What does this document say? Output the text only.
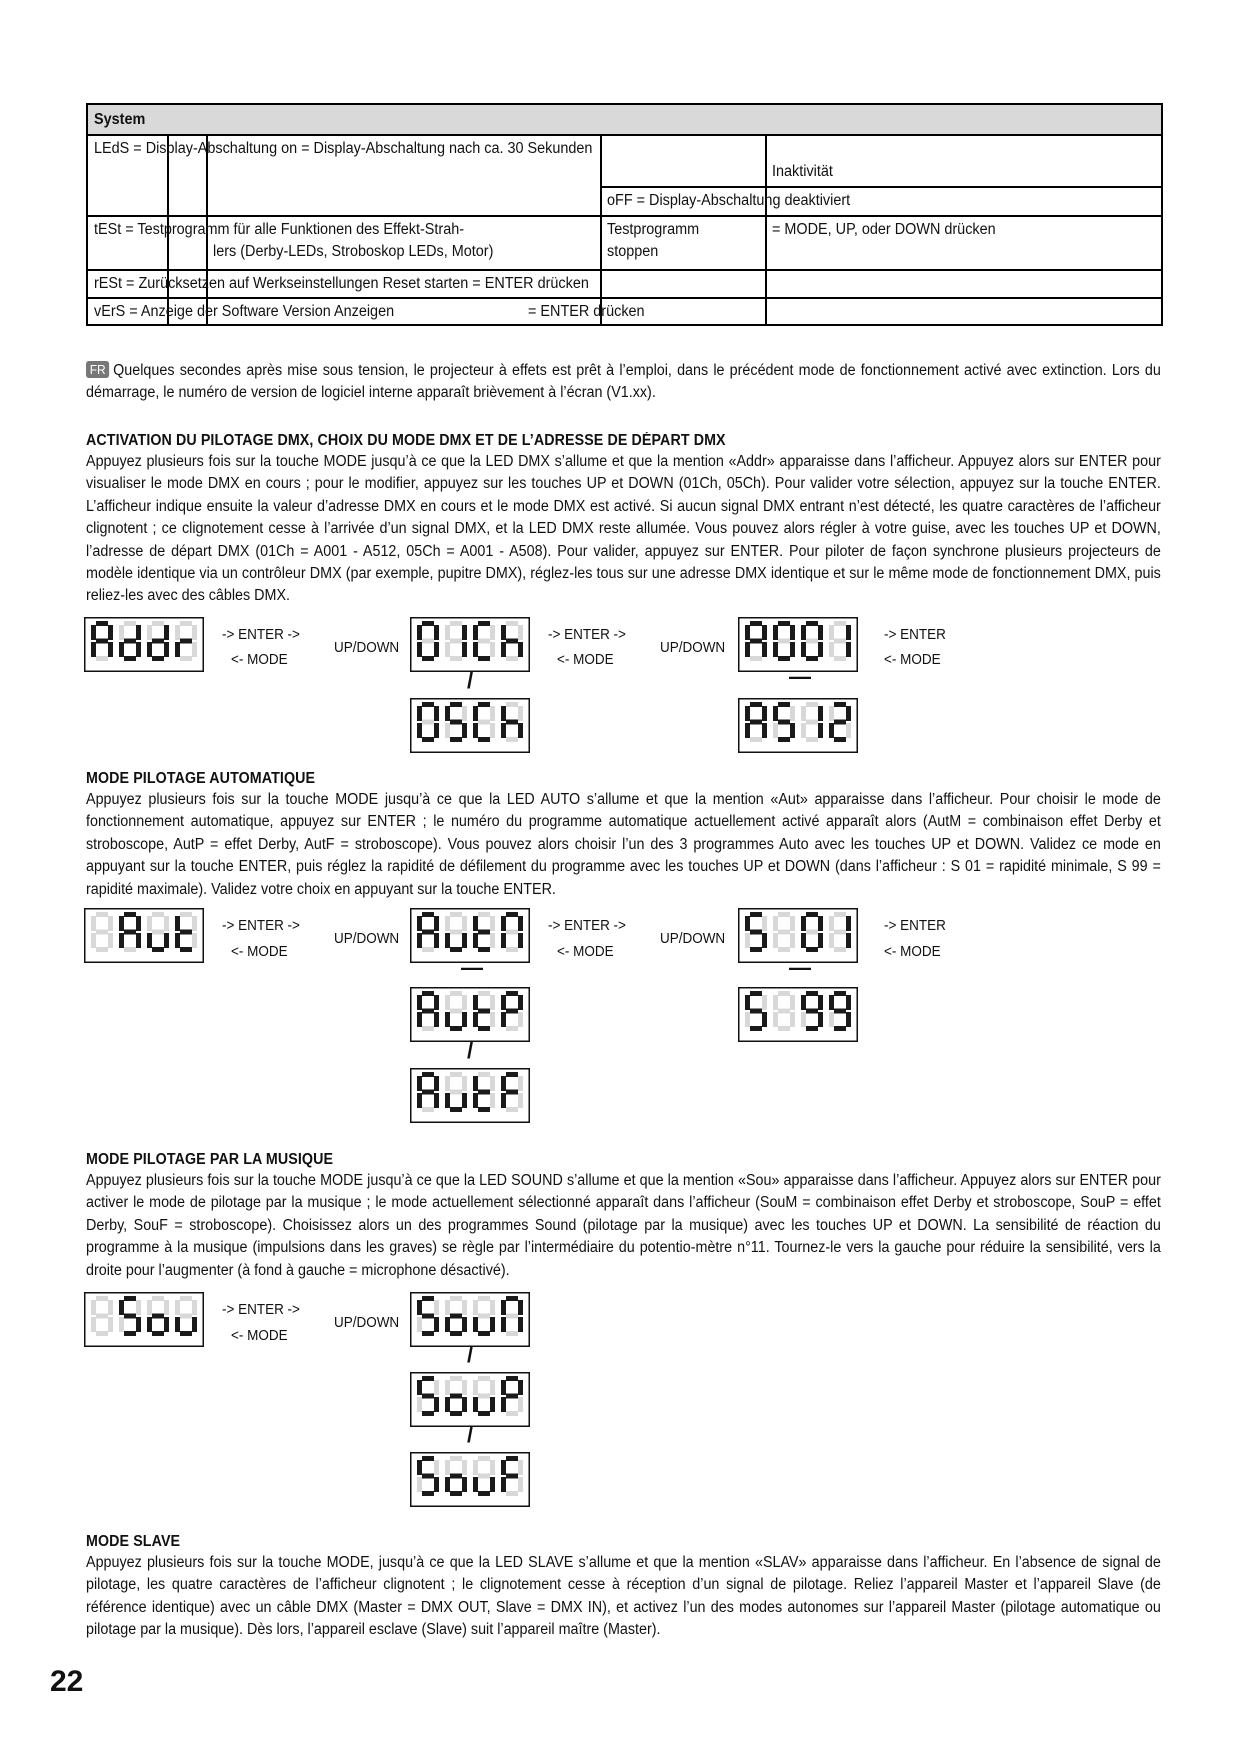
System
LEdS = Display-Abschaltung on = Display-Abschaltung nach ca. 30 Sekunden
Inaktivität
oFF = Display-Abschaltung deaktiviert
tESt = Testprogramm für alle Funktionen des Effekt-Strah-
lers (Derby-LEDs, Stroboskop LEDs, Motor)
Testprogramm
stoppen
= MODE, UP, oder DOWN drücken
rESt = Zurücksetzen auf Werkseinstellungen Reset starten = ENTER drücken
vErS = Anzeige der Software Version Anzeigen	= ENTER drücken
FR Quelques secondes après mise sous tension, le projecteur à effets est prêt à l’emploi, dans le précédent mode de fonctionnement activé avec extinction. Lors du démarrage, le numéro de version de logiciel interne apparaît brièvement à l’écran (V1.xx).
ACTIVATION DU PILOTAGE DMX, CHOIX DU MODE DMX ET DE L’ADRESSE DE DÉPART DMX
Appuyez plusieurs fois sur la touche MODE jusqu’à ce que la LED DMX s’allume et que la mention «Addr» apparaisse dans l’afficheur. Appuyez alors sur ENTER pour visualiser le mode DMX en cours ; pour le modifier, appuyez sur les touches UP et DOWN (01Ch, 05Ch). Pour valider votre sélection, appuyez sur la touche ENTER. L’afficheur indique ensuite la valeur d’adresse DMX en cours et le mode DMX est activé. Si aucun signal DMX entrant n’est détecté, les quatre caractères de l’afficheur clignotent ; ce clignotement cesse à l’arrivée d’un signal DMX, et la LED DMX reste allumée. Vous pouvez alors régler à votre guise, avec les touches UP et DOWN, l’adresse de départ DMX (01Ch = A001 - A512, 05Ch = A001 - A508). Pour valider, appuyez sur ENTER. Pour piloter de façon synchrone plusieurs projecteurs de modèle identique via un contrôleur DMX (par exemple, pupitre DMX), réglez-les tous sur une adresse DMX identique et sur le même mode de fonctionnement DMX, puis reliez-les avec des câbles DMX.
-> ENTER ->
<- MODE
UP/DOWN
/
-> ENTER ->
<- MODE
UP/DOWN
—
-> ENTER
<- MODE
MODE PILOTAGE AUTOMATIQUE
Appuyez plusieurs fois sur la touche MODE jusqu’à ce que la LED AUTO s’allume et que la mention «Aut» apparaisse dans l’afficheur. Pour choisir le mode de fonctionnement automatique, appuyez sur ENTER ; le numéro du programme automatique actuellement activé apparaît alors (AutM = combinaison effet Derby et stroboscope, AutP = effet Derby, AutF = stroboscope). Vous pouvez alors choisir l’un des 3 programmes Auto avec les touches UP et DOWN. Validez ce mode en appuyant sur la touche ENTER, puis réglez la rapidité de défilement du programme avec les touches UP et DOWN (dans l’afficheur : S 01 = rapidité minimale, S 99 = rapidité maximale). Validez votre choix en appuyant sur la touche ENTER.
-> ENTER ->
<- MODE
UP/DOWN
—
/
-> ENTER ->
<- MODE
UP/DOWN
—
-> ENTER
<- MODE
MODE PILOTAGE PAR LA MUSIQUE
Appuyez plusieurs fois sur la touche MODE jusqu’à ce que la LED SOUND s’allume et que la mention «Sou» apparaisse dans l’afficheur. Appuyez alors sur ENTER pour activer le mode de pilotage par la musique ; le mode actuellement sélectionné apparaît dans l’afficheur (SouM = combinaison effet Derby et stroboscope, SouP = effet Derby, SouF = stroboscope). Choisissez alors un des programmes Sound (pilotage par la musique) avec les touches UP et DOWN. La sensibilité de réaction du programme à la musique (impulsions dans les graves) se règle par l’intermédiaire du potentio-mètre n°11. Tournez-le vers la gauche pour réduire la sensibilité, vers la droite pour l’augmenter (à fond à gauche = microphone désactivé).
-> ENTER ->
<- MODE
UP/DOWN
/
/
MODE SLAVE
Appuyez plusieurs fois sur la touche MODE, jusqu’à ce que la LED SLAVE s’allume et que la mention «SLAV» apparaisse dans l’afficheur. En l’absence de signal de pilotage, les quatre caractères de l’afficheur clignotent ; le clignotement cesse à réception d’un signal de pilotage. Reliez l’appareil Master et l’appareil Slave (de référence identique) avec un câble DMX (Master = DMX OUT, Slave = DMX IN), et activez l’un des modes autonomes sur l’appareil Master (pilotage automatique ou pilotage par la musique). Dès lors, l’appareil esclave (Slave) suit l’appareil maître (Master).
22
